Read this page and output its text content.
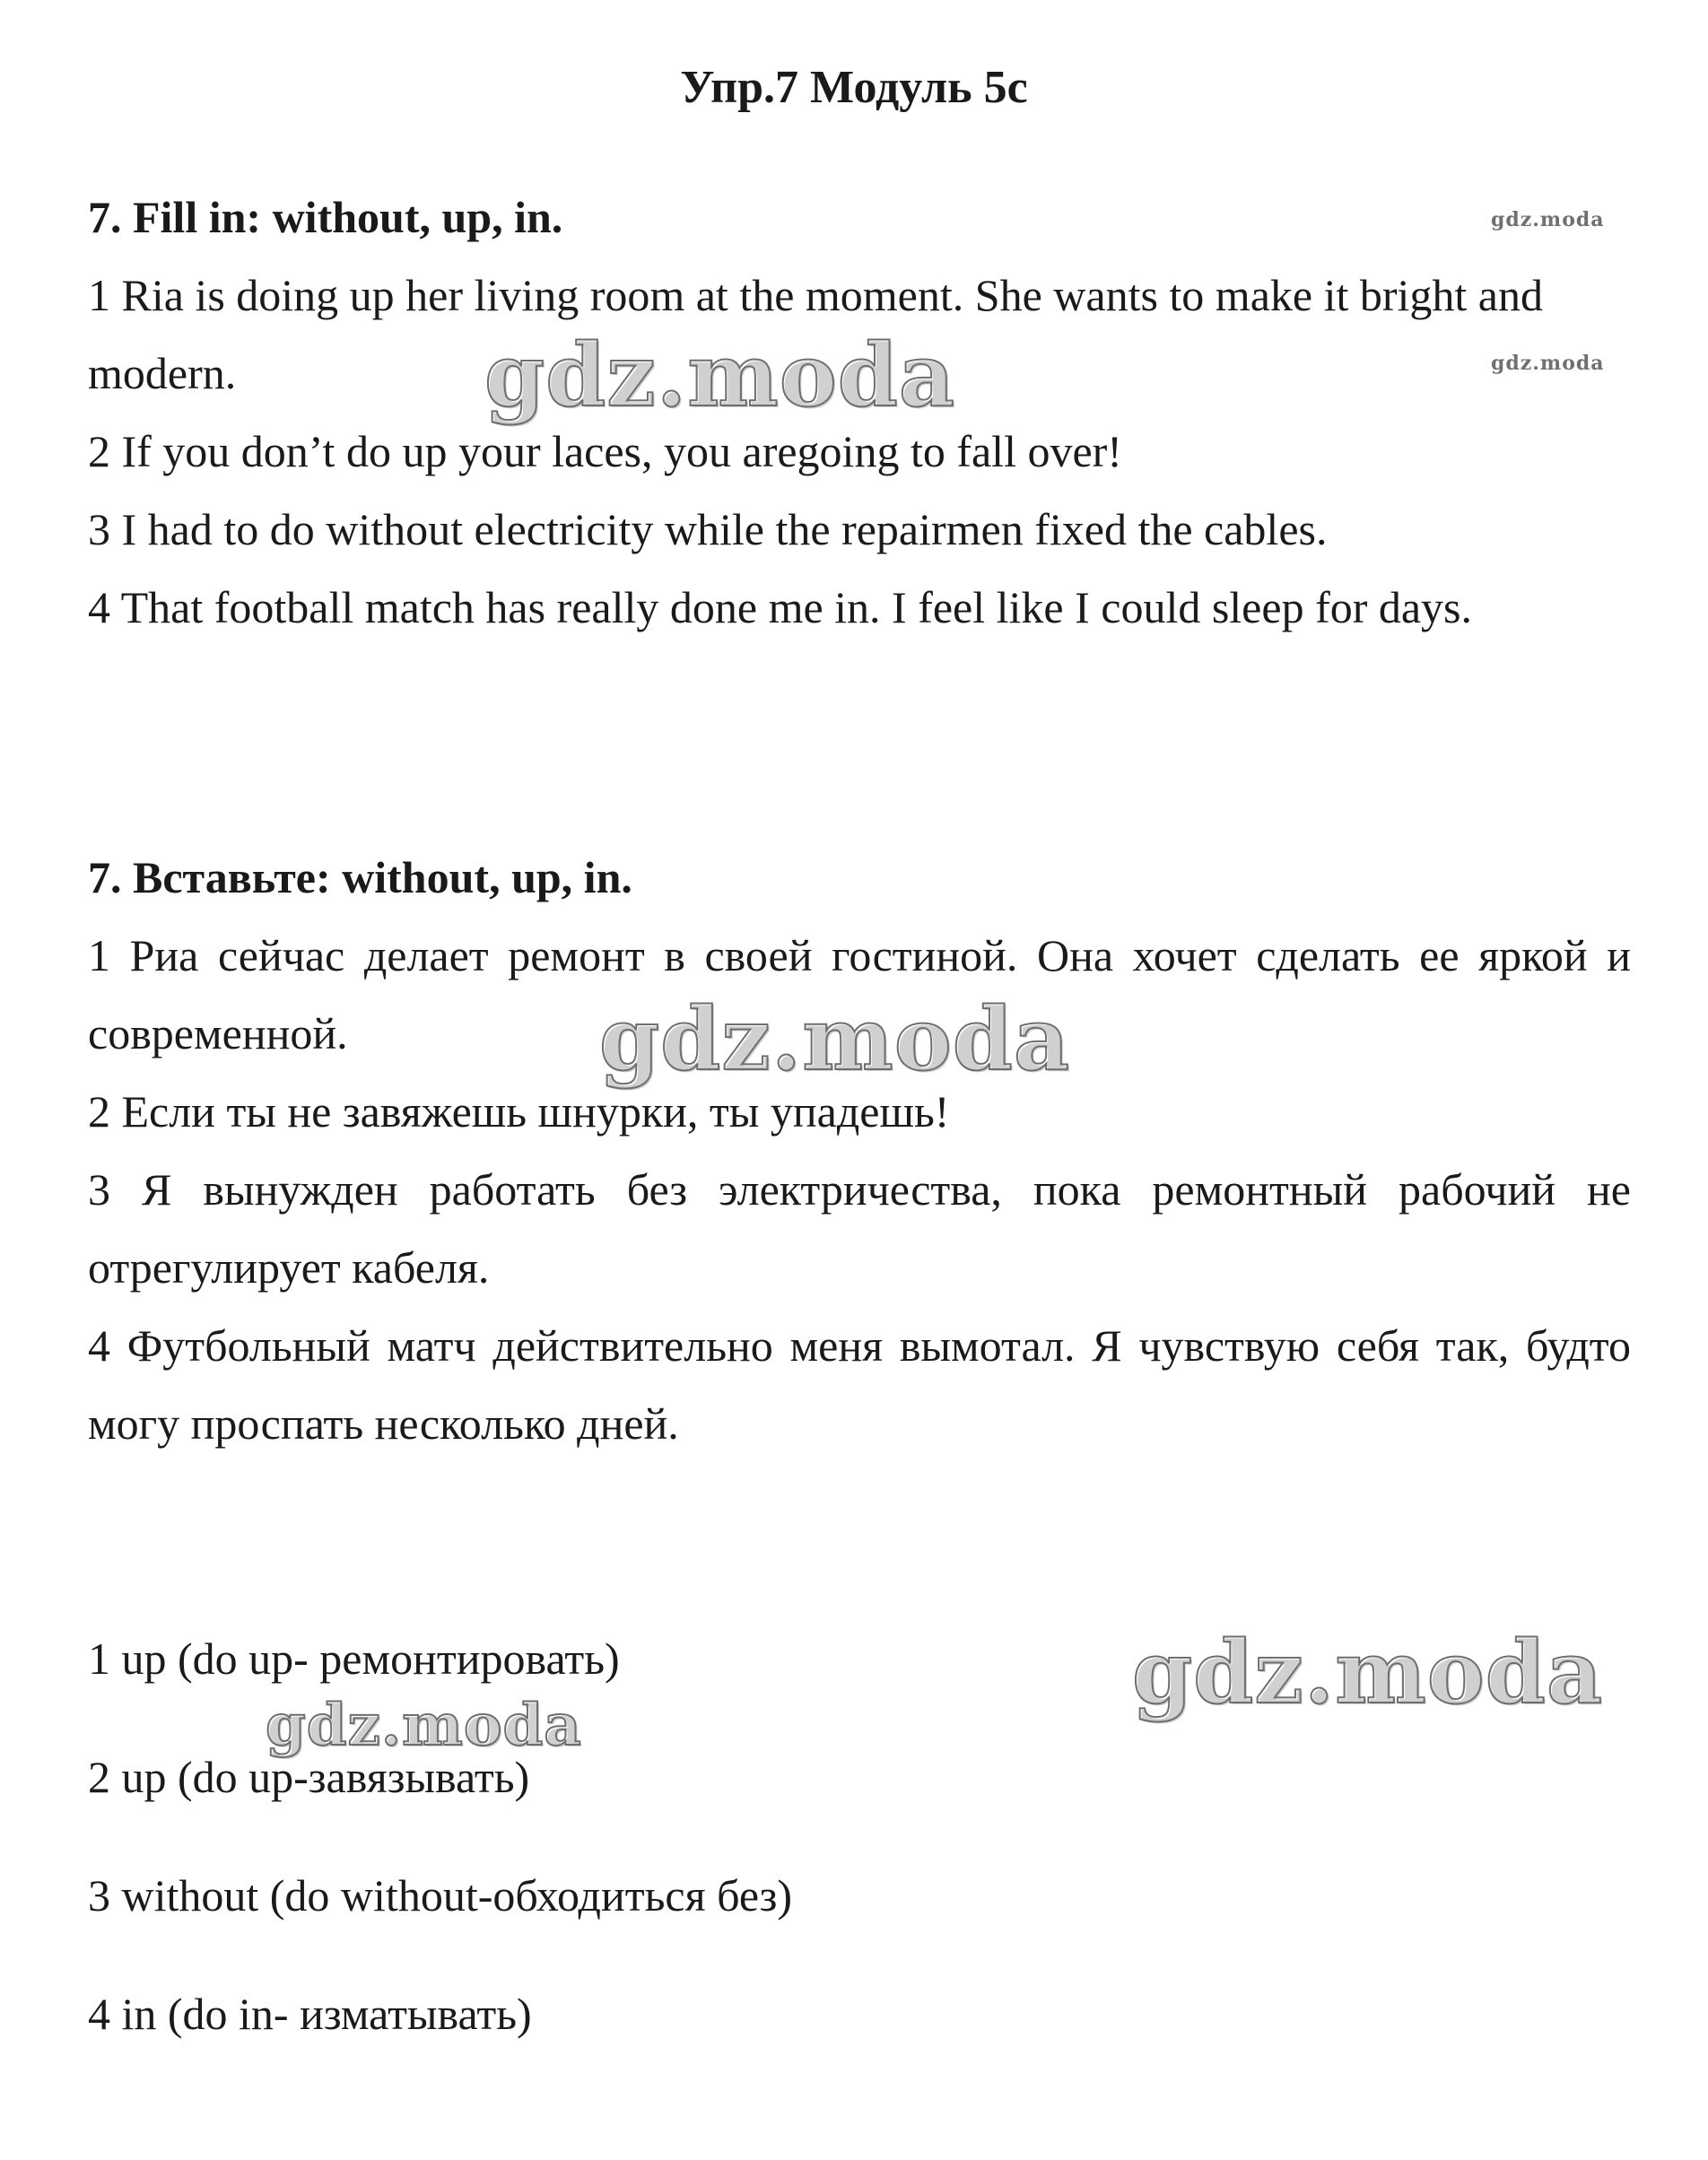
Упр.7 Модуль 5c
7. Fill in: without, up, in.

1 Ria is doing up her living room at the moment. She wants to make it bright and modern.

2 If you don’t do up your laces, you aregoing to fall over!

3 I had to do without electricity while the repairmen fixed the cables.

4 That football match has really done me in. I feel like I could sleep for days.

7. Вставьте: without, up, in.

1 Риа сейчас делает ремонт в своей гостиной. Она хочет сделать ее яркой и современной.

2 Если ты не завяжешь шнурки, ты упадешь!

3 Я вынужден работать без электричества, пока ремонтный рабочий не отрегулирует кабеля.

4 Футбольный матч действительно меня вымотал. Я чувствую себя так, будто могу проспать несколько дней.

1 up (do up- ремонтировать)

2 up (do up-завязывать)

3 without (do without-обходиться без)

4 in (do in- изматывать)

gdz.moda
gdz.moda
gdz.moda
gdz.moda
gdz.moda
gdz.moda
